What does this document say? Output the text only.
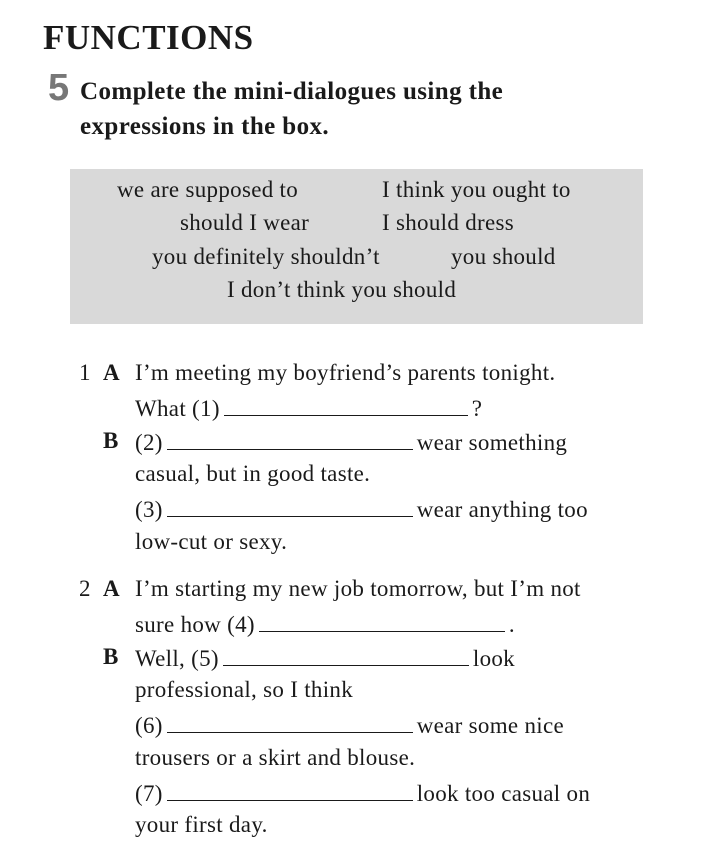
FUNCTIONS
5 Complete the mini-dialogues using the
expressions in the box.
we are supposed to	I think you ought to
should I wear	I should dress
you definitely shouldn’t	you should
I don’t think you should
1 A I’m meeting my boyfriend’s parents tonight.
What (1)	?
B (2)	wear something
casual, but in good taste.
(3)	wear anything too
low-cut or sexy.
2 A I’m starting my new job tomorrow, but I’m not
sure how (4)	.
B Well, (5)	look
professional, so I think
(6)	wear some nice
trousers or a skirt and blouse.
(7)	look too casual on
your first day.
